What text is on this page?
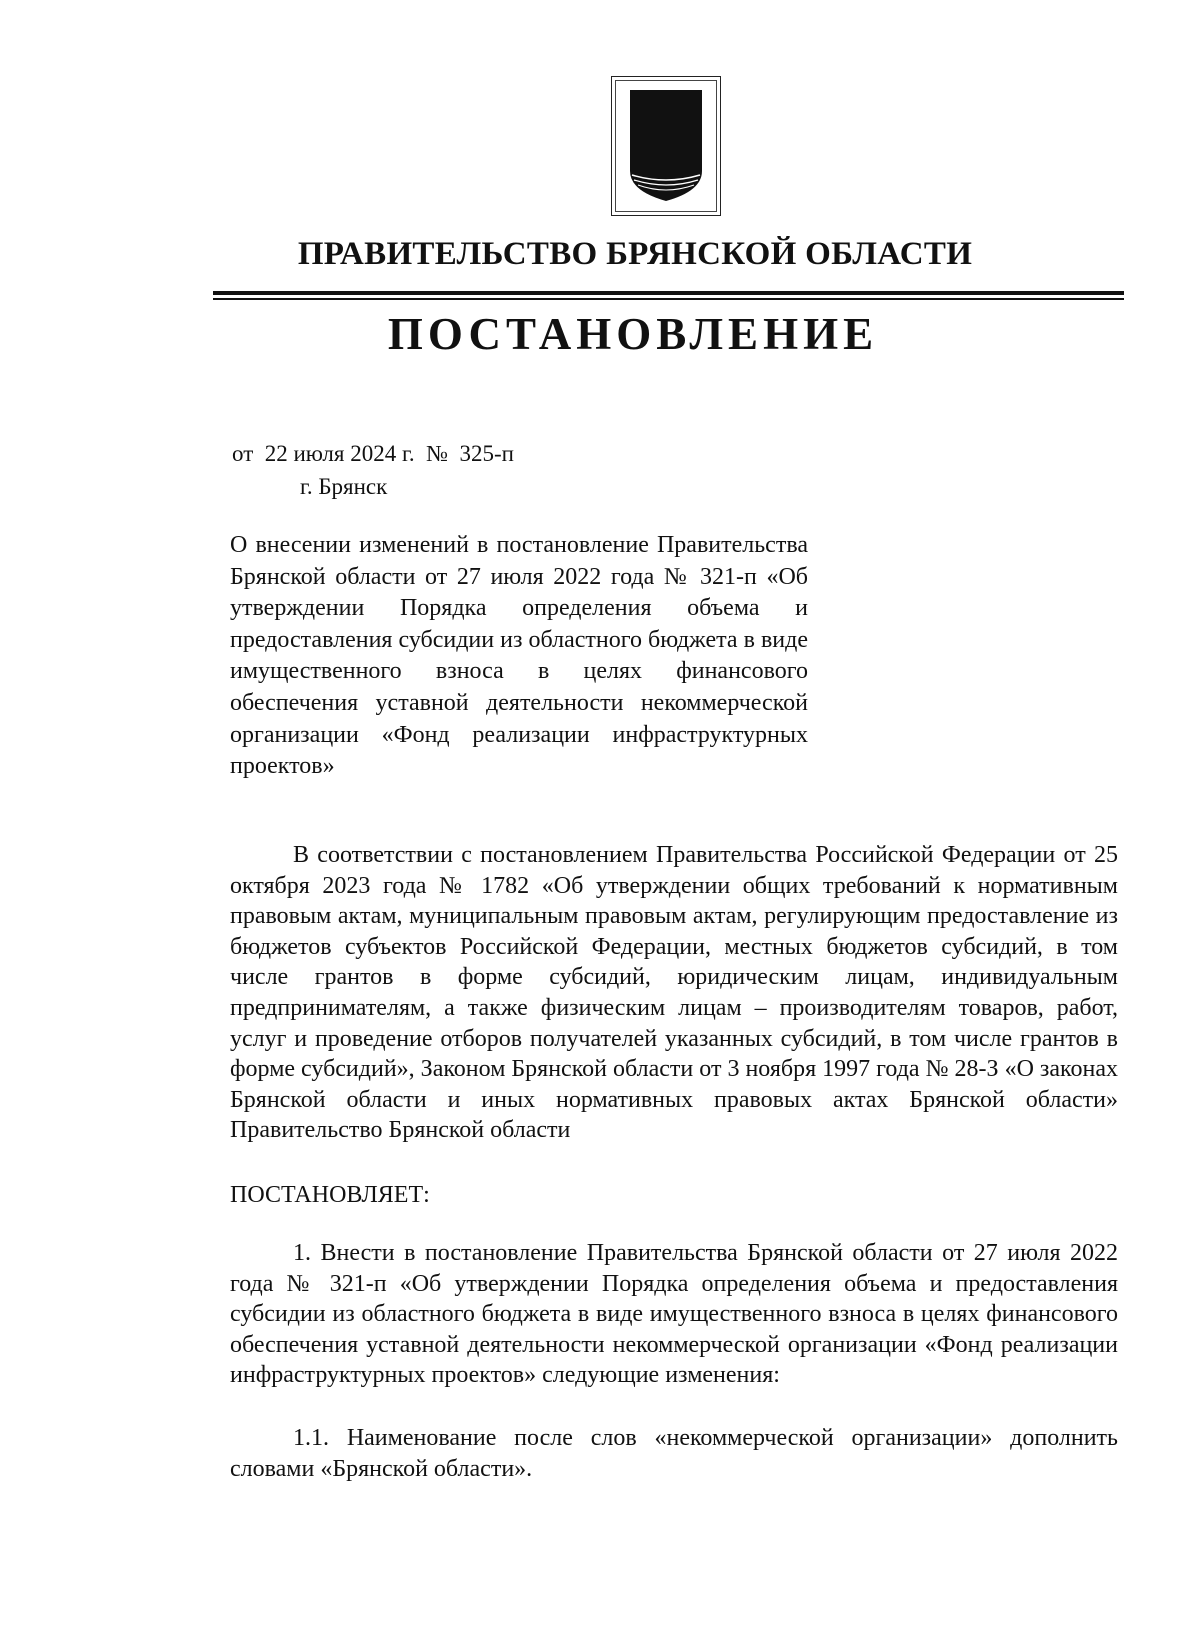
ПРАВИТЕЛЬСТВО БРЯНСКОЙ ОБЛАСТИ
ПОСТАНОВЛЕНИЕ
от  22 июля 2024 г.  №  325-п
г. Брянск
О внесении изменений в постановление Правительства Брянской области от 27 июля 2022 года № 321-п «Об утверждении Порядка определения объема и предоставления субсидии из областного бюджета в виде имущественного взноса в целях финансового обеспечения уставной деятельности некоммерческой организации «Фонд реализации инфраструктурных проектов»
В соответствии с постановлением Правительства Российской Федерации от 25 октября 2023 года № 1782 «Об утверждении общих требований к нормативным правовым актам, муниципальным правовым актам, регулирующим предоставление из бюджетов субъектов Российской Федерации, местных бюджетов субсидий, в том числе грантов в форме субсидий, юридическим лицам, индивидуальным предпринимателям, а также физическим лицам – производителям товаров, работ, услуг и проведение отборов получателей указанных субсидий, в том числе грантов в форме субсидий», Законом Брянской области от 3 ноября 1997 года № 28-З «О законах Брянской области и иных нормативных правовых актах Брянской области» Правительство Брянской области
ПОСТАНОВЛЯЕТ:
1. Внести в постановление Правительства Брянской области от 27 июля 2022 года № 321-п «Об утверждении Порядка определения объема и предоставления субсидии из областного бюджета в виде имущественного взноса в целях финансового обеспечения уставной деятельности некоммерческой организации «Фонд реализации инфраструктурных проектов» следующие изменения:
1.1. Наименование после слов «некоммерческой организации» дополнить словами «Брянской области».
